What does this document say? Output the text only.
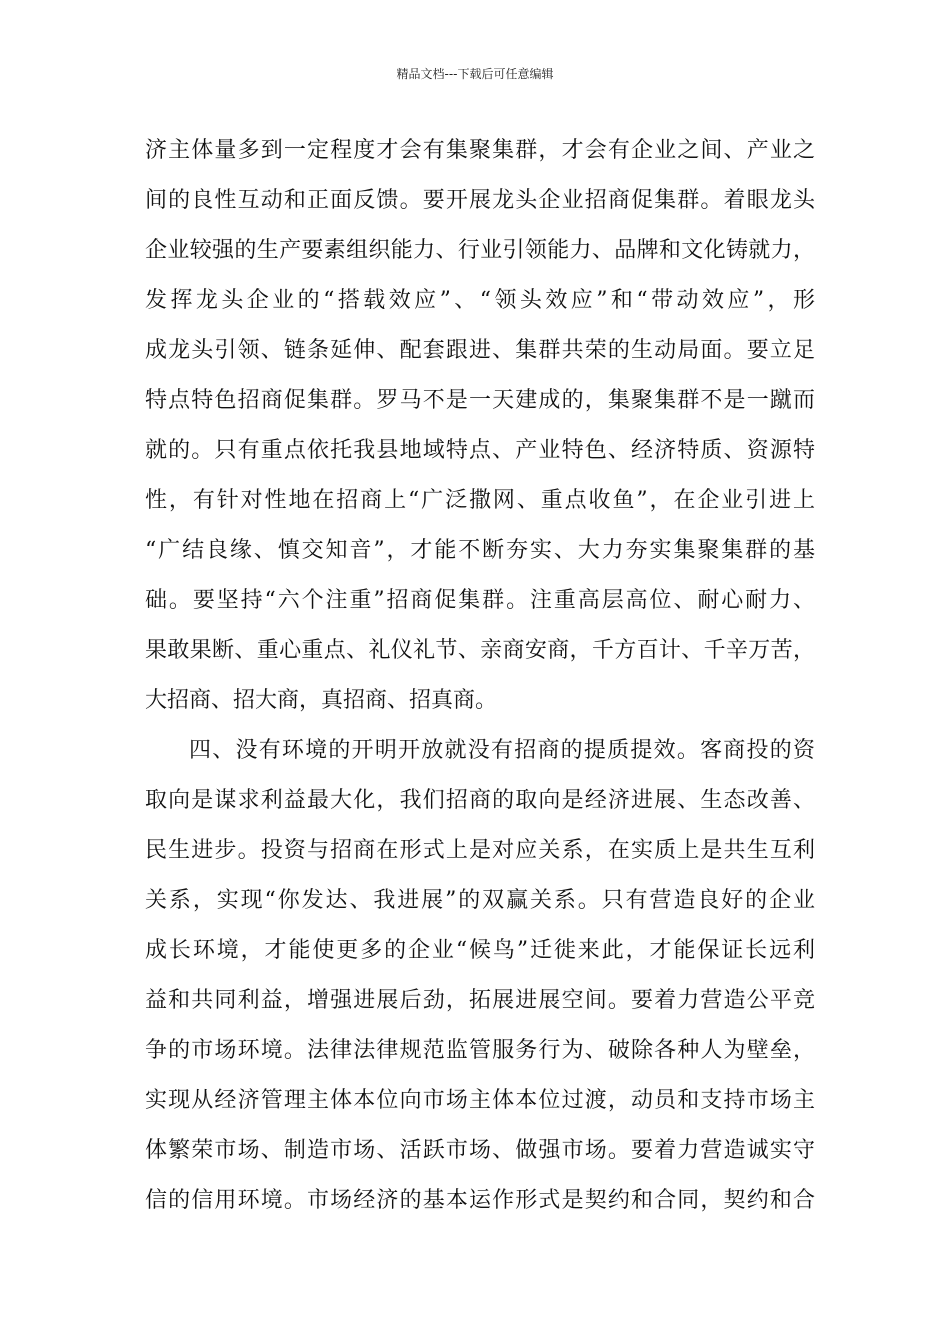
精品文档---下载后可任意编辑
济主体量多到一定程度才会有集聚集群，才会有企业之间、产业之
间的良性互动和正面反馈。要开展龙头企业招商促集群。着眼龙头
企业较强的生产要素组织能力、行业引领能力、品牌和文化铸就力，
发挥龙头企业的“搭载效应”、“领头效应”和“带动效应”，形
成龙头引领、链条延伸、配套跟进、集群共荣的生动局面。要立足
特点特色招商促集群。罗马不是一天建成的，集聚集群不是一蹴而
就的。只有重点依托我县地域特点、产业特色、经济特质、资源特
性，有针对性地在招商上“广泛撒网、重点收鱼”，在企业引进上
“广结良缘、慎交知音”，才能不断夯实、大力夯实集聚集群的基
础。要坚持“六个注重”招商促集群。注重高层高位、耐心耐力、
果敢果断、重心重点、礼仪礼节、亲商安商，千方百计、千辛万苦，
大招商、招大商，真招商、招真商。
四、没有环境的开明开放就没有招商的提质提效。客商投的资
取向是谋求利益最大化，我们招商的取向是经济进展、生态改善、
民生进步。投资与招商在形式上是对应关系，在实质上是共生互利
关系，实现“你发达、我进展”的双赢关系。只有营造良好的企业
成长环境，才能使更多的企业“候鸟”迁徙来此，才能保证长远利
益和共同利益，增强进展后劲，拓展进展空间。要着力营造公平竞
争的市场环境。法律法律规范监管服务行为、破除各种人为壁垒，
实现从经济管理主体本位向市场主体本位过渡，动员和支持市场主
体繁荣市场、制造市场、活跃市场、做强市场。要着力营造诚实守
信的信用环境。市场经济的基本运作形式是契约和合同，契约和合
